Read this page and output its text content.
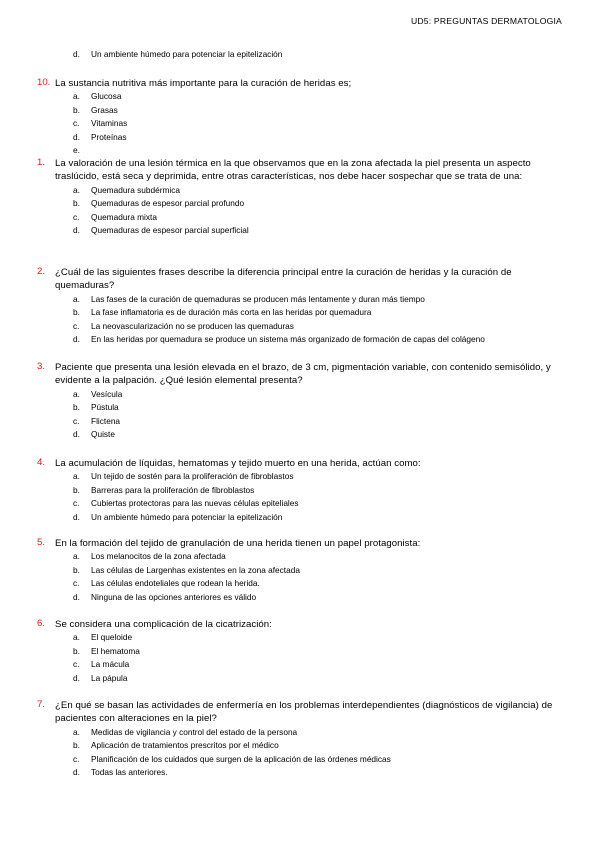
UD5: PREGUNTAS DERMATOLOGIA
d. Un ambiente húmedo para potenciar la epitelización
10. La sustancia nutritiva más importante para la curación de heridas es;
a. Glucosa
b. Grasas
c. Vitaminas
d. Proteínas
e.
1. La valoración de una lesión térmica en la que observamos que en la zona afectada la piel presenta un aspecto traslúcido, está seca y deprimida, entre otras características, nos debe hacer sospechar que se trata de una:
a. Quemadura subdérmica
b. Quemaduras de espesor parcial profundo
c. Quemadura mixta
d. Quemaduras de espesor parcial superficial
2. ¿Cuál de las siguientes frases describe la diferencia principal entre la curación de heridas y la curación de quemaduras?
a. Las fases de la curación de quemaduras se producen más lentamente y duran más tiempo
b. La fase inflamatoria es de duración más corta en las heridas por quemadura
c. La neovascularización no se producen las quemaduras
d. En las heridas por quemadura se produce un sistema más organizado de formación de capas del colágeno
3. Paciente que presenta una lesión elevada en el brazo, de 3 cm, pigmentación variable, con contenido semisólido, y evidente a la palpación. ¿Qué lesión elemental presenta?
a. Vesícula
b. Pústula
c. Flictena
d. Quiste
4. La acumulación de líquidas, hematomas y tejido muerto en una herida, actúan como:
a. Un tejido de sostén para la proliferación de fibroblastos
b. Barreras para la proliferación de fibroblastos
c. Cubiertas protectoras para las nuevas células epiteliales
d. Un ambiente húmedo para potenciar la epitelización
5. En la formación del tejido de granulación de una herida tienen un papel protagonista:
a. Los melanocitos de la zona afectada
b. Las células de Largenhas existentes en la zona afectada
c. Las células endoteliales que rodean la herida.
d. Ninguna de las opciones anteriores es válido
6. Se considera una complicación de la cicatrización:
a. El queloide
b. El hematoma
c. La mácula
d. La pápula
7. ¿En qué se basan las actividades de enfermería en los problemas interdependientes (diagnósticos de vigilancia) de pacientes con alteraciones en la piel?
a. Medidas de vigilancia y control del estado de la persona
b. Aplicación de tratamientos prescritos por el médico
c. Planificación de los cuidados que surgen de la aplicación de las órdenes médicas
d. Todas las anteriores.
